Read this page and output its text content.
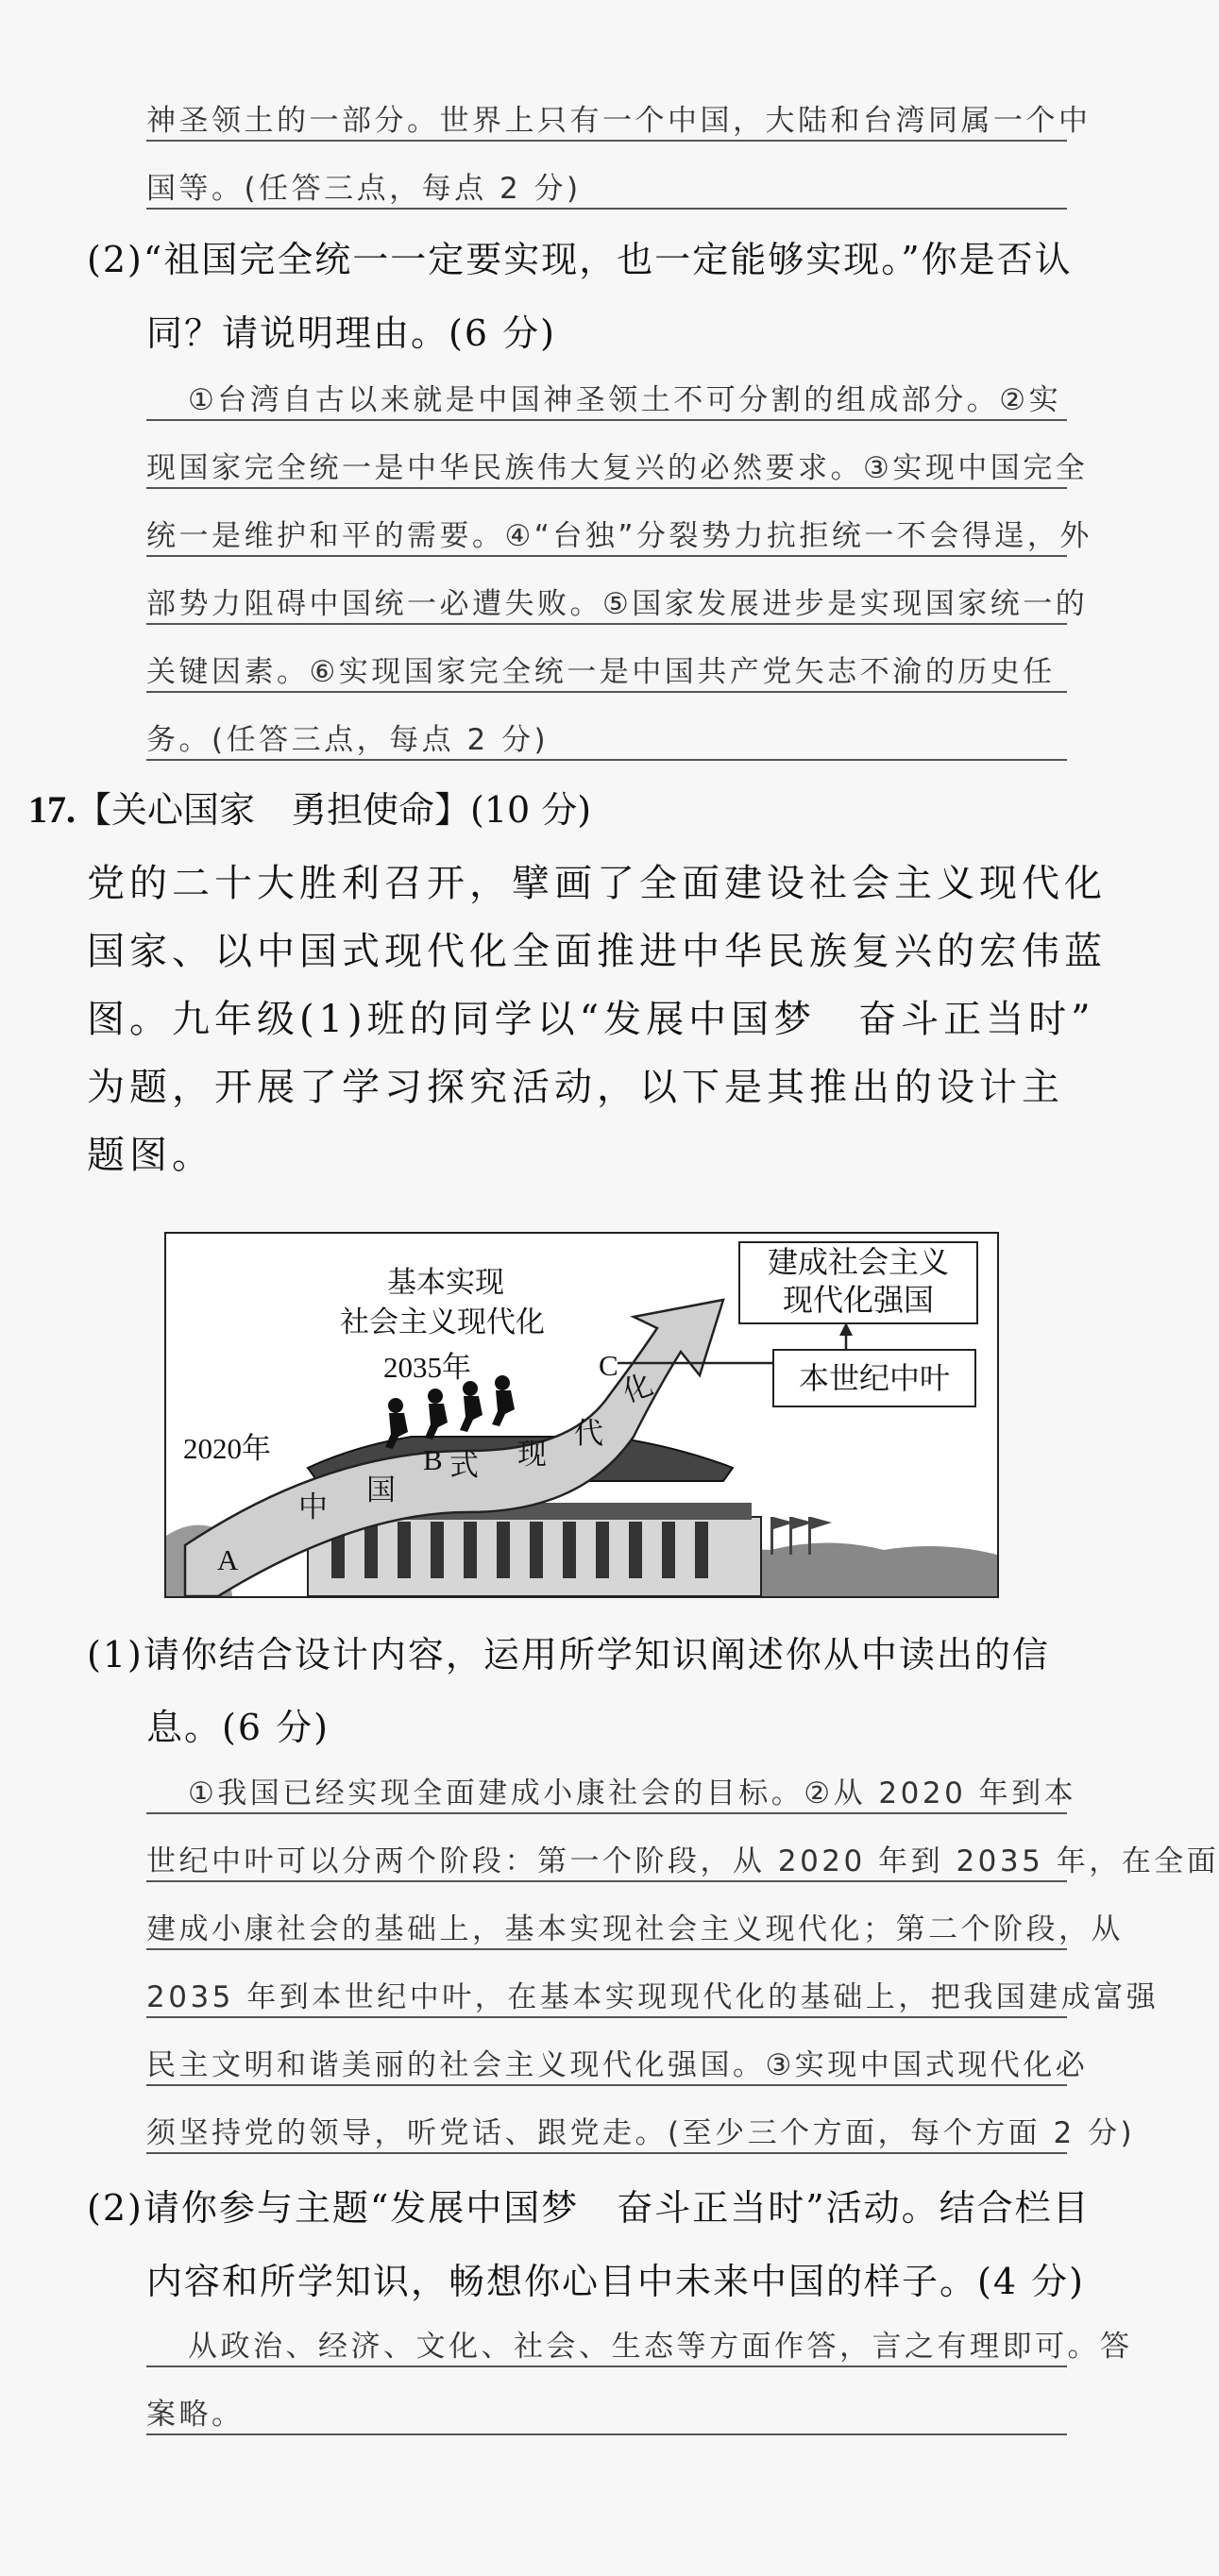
神圣领土的一部分。世界上只有一个中国，大陆和台湾同属一个中
国等。(任答三点，每点 2 分)
(2)“祖国完全统一一定要实现，也一定能够实现。”你是否认
同？请说明理由。(6 分)
①台湾自古以来就是中国神圣领土不可分割的组成部分。②实
现国家完全统一是中华民族伟大复兴的必然要求。③实现中国完全
统一是维护和平的需要。④“台独”分裂势力抗拒统一不会得逞，外
部势力阻碍中国统一必遭失败。⑤国家发展进步是实现国家统一的
关键因素。⑥实现国家完全统一是中国共产党矢志不渝的历史任
务。(任答三点，每点 2 分)
17.【关心国家　勇担使命】(10 分)
党的二十大胜利召开，擘画了全面建设社会主义现代化
国家、以中国式现代化全面推进中华民族复兴的宏伟蓝
图。九年级(1)班的同学以“发展中国梦　奋斗正当时”
为题，开展了学习探究活动，以下是其推出的设计主
题图。
基本实现
社会主义现代化
2035年
2020年
A
B
C
中 国
式 现
代
化
建成社会主义
现代化强国
本世纪中叶
(1)请你结合设计内容，运用所学知识阐述你从中读出的信
息。(6 分)
①我国已经实现全面建成小康社会的目标。②从 2020 年到本
世纪中叶可以分两个阶段：第一个阶段，从 2020 年到 2035 年，在全面
建成小康社会的基础上，基本实现社会主义现代化；第二个阶段，从
2035 年到本世纪中叶，在基本实现现代化的基础上，把我国建成富强
民主文明和谐美丽的社会主义现代化强国。③实现中国式现代化必
须坚持党的领导，听党话、跟党走。(至少三个方面，每个方面 2 分)
(2)请你参与主题“发展中国梦　奋斗正当时”活动。结合栏目
内容和所学知识，畅想你心目中未来中国的样子。(4 分)
从政治、经济、文化、社会、生态等方面作答，言之有理即可。答
案略。
